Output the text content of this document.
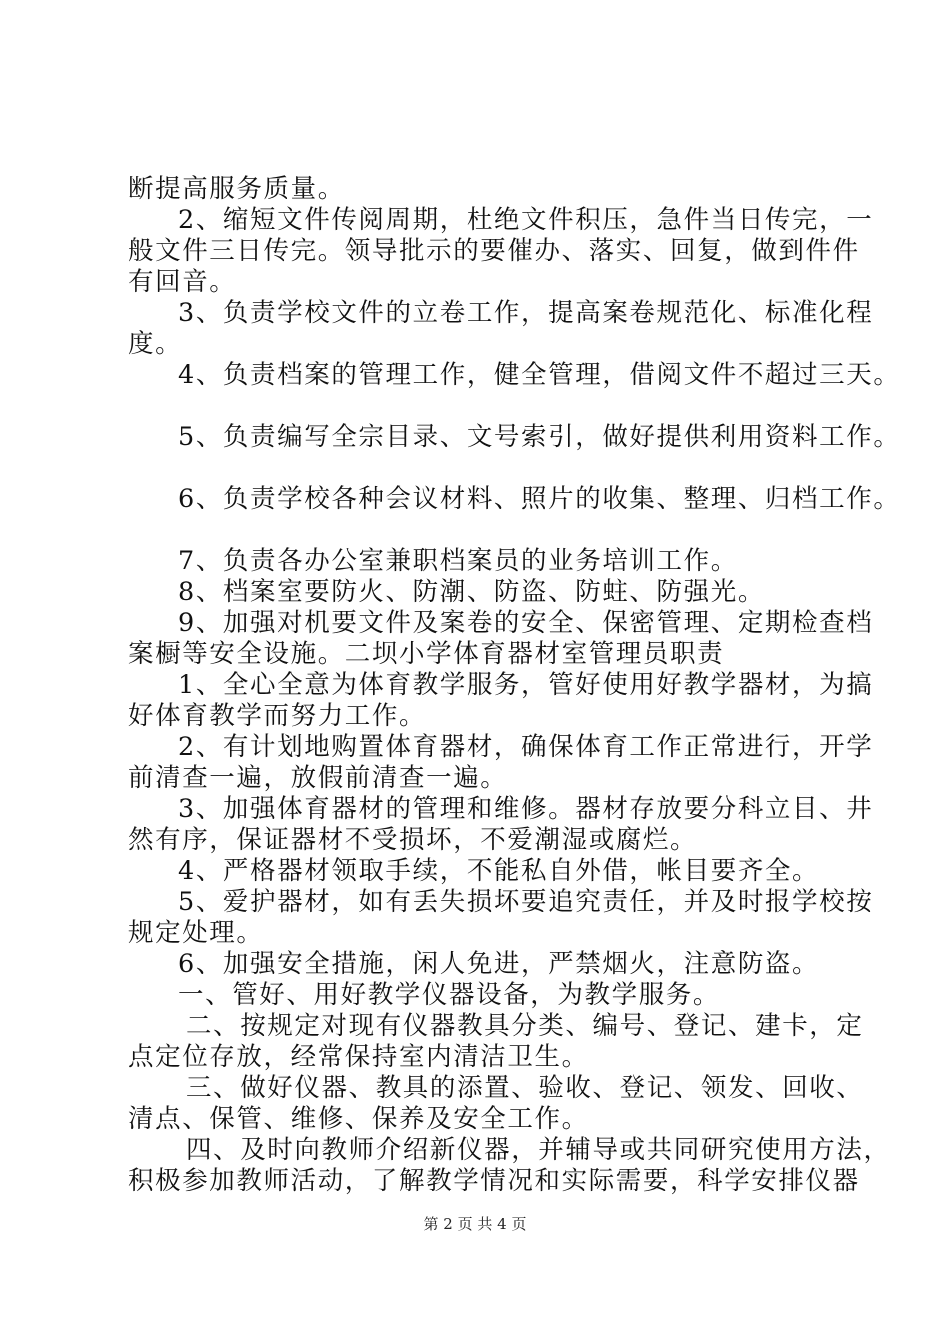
断提高服务质量。
2、缩短文件传阅周期，杜绝文件积压，急件当日传完，一
般文件三日传完。领导批示的要催办、落实、回复，做到件件
有回音。
3、负责学校文件的立卷工作，提高案卷规范化、标准化程
度。
4、负责档案的管理工作，健全管理，借阅文件不超过三天。
5、负责编写全宗目录、文号索引，做好提供利用资料工作。
6、负责学校各种会议材料、照片的收集、整理、归档工作。
7、负责各办公室兼职档案员的业务培训工作。
8、档案室要防火、防潮、防盗、防蛀、防强光。
9、加强对机要文件及案卷的安全、保密管理、定期检查档
案橱等安全设施。二坝小学体育器材室管理员职责
1、全心全意为体育教学服务，管好使用好教学器材，为搞
好体育教学而努力工作。
2、有计划地购置体育器材，确保体育工作正常进行，开学
前清查一遍，放假前清查一遍。
3、加强体育器材的管理和维修。器材存放要分科立目、井
然有序，保证器材不受损坏，不爱潮湿或腐烂。
4、严格器材领取手续，不能私自外借，帐目要齐全。
5、爱护器材，如有丢失损坏要追究责任，并及时报学校按
规定处理。
6、加强安全措施，闲人免进，严禁烟火，注意防盗。
一、管好、用好教学仪器设备，为教学服务。
二、按规定对现有仪器教具分类、编号、登记、建卡，定
点定位存放，经常保持室内清洁卫生。
三、做好仪器、教具的添置、验收、登记、领发、回收、
清点、保管、维修、保养及安全工作。
四、及时向教师介绍新仪器，并辅导或共同研究使用方法，
积极参加教师活动，了解教学情况和实际需要，科学安排仪器
第 2 页 共 4 页
